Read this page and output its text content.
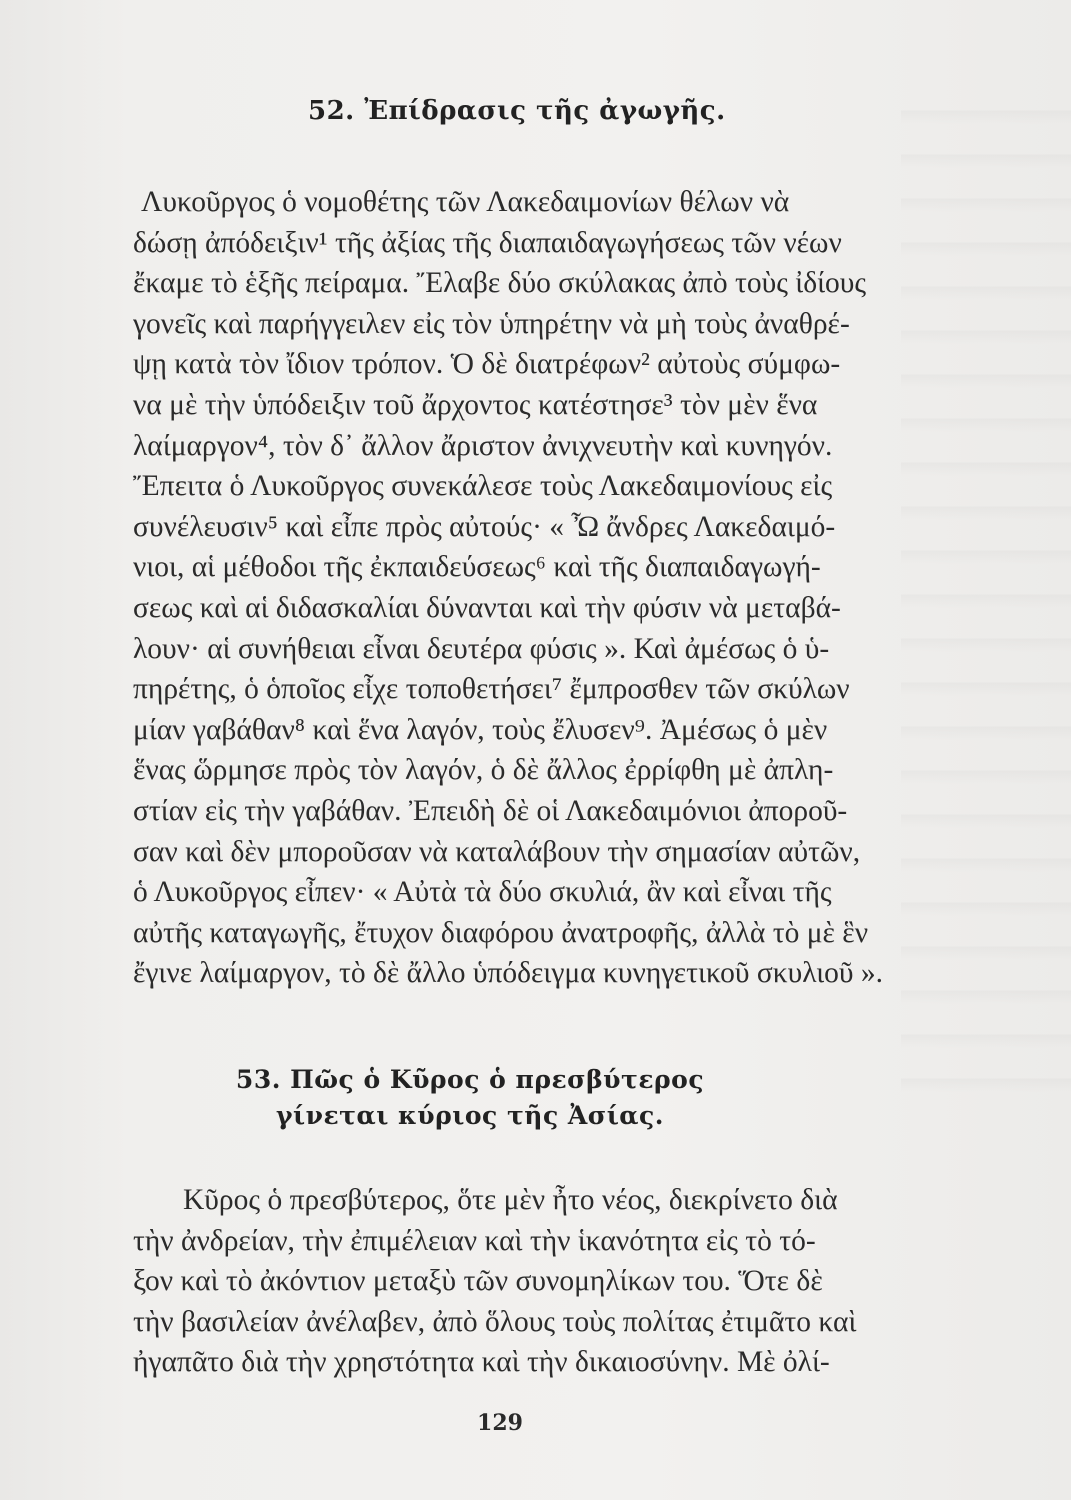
52. Ἐπίδρασις τῆς ἀγωγῆς.
Λυκοῦργος ὁ νομοθέτης τῶν Λακεδαιμονίων θέλων νὰ
δώσῃ ἀπόδειξιν¹ τῆς ἀξίας τῆς διαπαιδαγωγήσεως τῶν νέων
ἔκαμε τὸ ἑξῆς πείραμα. Ἔλαβε δύο σκύλακας ἀπὸ τοὺς ἰδίους
γονεῖς καὶ παρήγγειλεν εἰς τὸν ὑπηρέτην νὰ μὴ τοὺς ἀναθρέ-
ψῃ κατὰ τὸν ἴδιον τρόπον. Ὁ δὲ διατρέφων² αὐτοὺς σύμφω-
να μὲ τὴν ὑπόδειξιν τοῦ ἄρχοντος κατέστησε³ τὸν μὲν ἕνα
λαίμαργον⁴, τὸν δ᾽ ἄλλον ἄριστον ἀνιχνευτὴν καὶ κυνηγόν.
Ἔπειτα ὁ Λυκοῦργος συνεκάλεσε τοὺς Λακεδαιμονίους εἰς
συνέλευσιν⁵ καὶ εἶπε πρὸς αὐτούς· « Ὦ ἄνδρες Λακεδαιμό-
νιοι, αἱ μέθοδοι τῆς ἐκπαιδεύσεως⁶ καὶ τῆς διαπαιδαγωγή-
σεως καὶ αἱ διδασκαλίαι δύνανται καὶ τὴν φύσιν νὰ μεταβά-
λουν· αἱ συνήθειαι εἶναι δευτέρα φύσις ». Καὶ ἀμέσως ὁ ὑ-
πηρέτης, ὁ ὁποῖος εἶχε τοποθετήσει⁷ ἔμπροσθεν τῶν σκύλων
μίαν γαβάθαν⁸ καὶ ἕνα λαγόν, τοὺς ἔλυσεν⁹. Ἀμέσως ὁ μὲν
ἕνας ὥρμησε πρὸς τὸν λαγόν, ὁ δὲ ἄλλος ἐρρίφθη μὲ ἀπλη-
στίαν εἰς τὴν γαβάθαν. Ἐπειδὴ δὲ οἱ Λακεδαιμόνιοι ἀποροῦ-
σαν καὶ δὲν μποροῦσαν νὰ καταλάβουν τὴν σημασίαν αὐτῶν,
ὁ Λυκοῦργος εἶπεν· « Αὐτὰ τὰ δύο σκυλιά, ἂν καὶ εἶναι τῆς
αὐτῆς καταγωγῆς, ἔτυχον διαφόρου ἀνατροφῆς, ἀλλὰ τὸ μὲ ἓν
ἔγινε λαίμαργον, τὸ δὲ ἄλλο ὑπόδειγμα κυνηγετικοῦ σκυλιοῦ ».
53. Πῶς ὁ Κῦρος ὁ πρεσβύτερος γίνεται κύριος τῆς Ἀσίας.
Κῦρος ὁ πρεσβύτερος, ὅτε μὲν ἦτο νέος, διεκρίνετο διὰ
τὴν ἀνδρείαν, τὴν ἐπιμέλειαν καὶ τὴν ἱκανότητα εἰς τὸ τό-
ξον καὶ τὸ ἀκόντιον μεταξὺ τῶν συνομηλίκων του. Ὅτε δὲ
τὴν βασιλείαν ἀνέλαβεν, ἀπὸ ὅλους τοὺς πολίτας ἐτιμᾶτο καὶ
ἠγαπᾶτο διὰ τὴν χρηστότητα καὶ τὴν δικαιοσύνην. Μὲ ὀλί-
129
